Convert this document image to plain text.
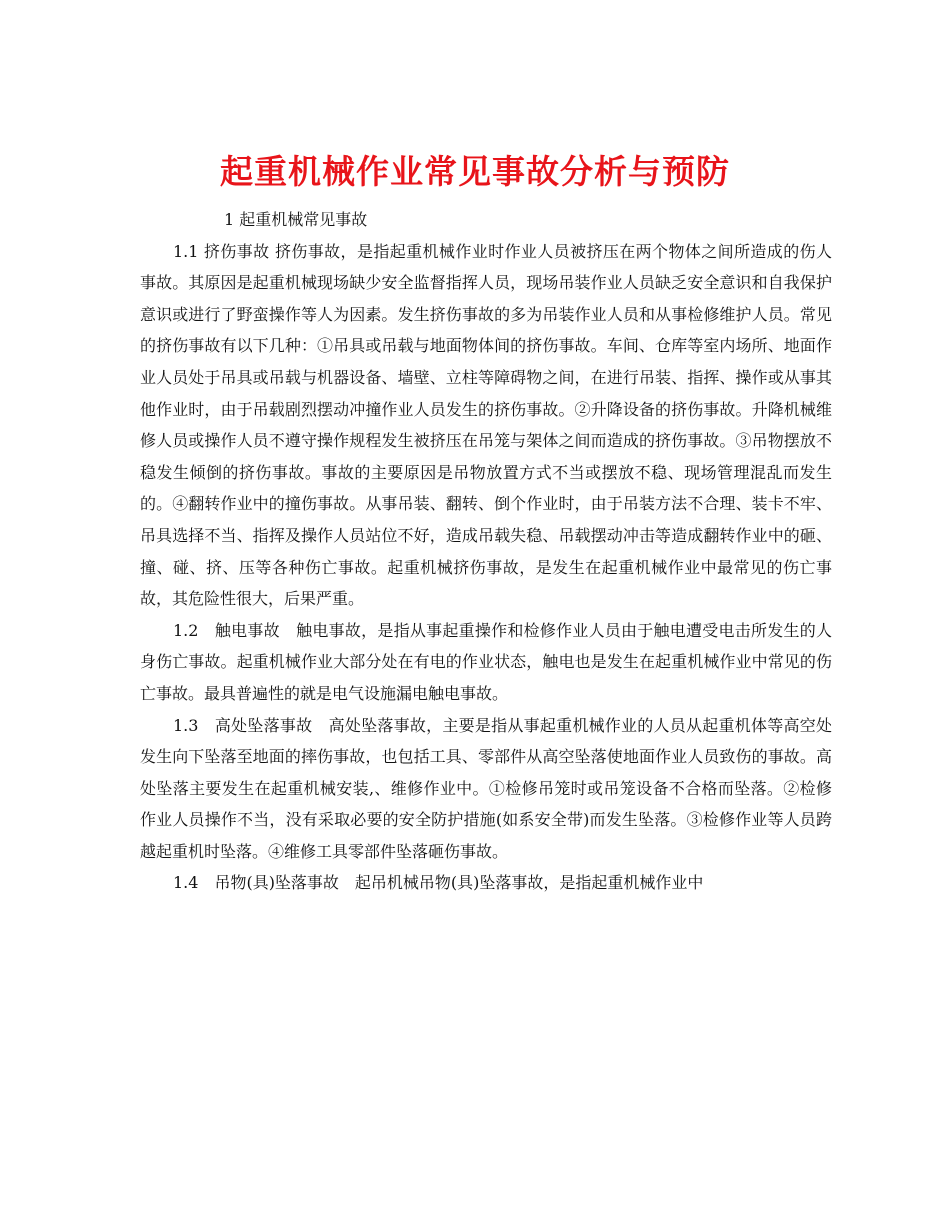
起重机械作业常见事故分析与预防

1 起重机械常见事故

1.1 挤伤事故 挤伤事故，是指起重机械作业时作业人员被挤压在两个物体之间所造成的伤人事故。其原因是起重机械现场缺少安全监督指挥人员，现场吊装作业人员缺乏安全意识和自我保护意识或进行了野蛮操作等人为因素。发生挤伤事故的多为吊装作业人员和从事检修维护人员。常见的挤伤事故有以下几种：①吊具或吊载与地面物体间的挤伤事故。车间、仓库等室内场所、地面作业人员处于吊具或吊载与机器设备、墙壁、立柱等障碍物之间，在进行吊装、指挥、操作或从事其他作业时，由于吊载剧烈摆动冲撞作业人员发生的挤伤事故。②升降设备的挤伤事故。升降机械维修人员或操作人员不遵守操作规程发生被挤压在吊笼与架体之间而造成的挤伤事故。③吊物摆放不稳发生倾倒的挤伤事故。事故的主要原因是吊物放置方式不当或摆放不稳、现场管理混乱而发生的。④翻转作业中的撞伤事故。从事吊装、翻转、倒个作业时，由于吊装方法不合理、装卡不牢、吊具选择不当、指挥及操作人员站位不好，造成吊载失稳、吊载摆动冲击等造成翻转作业中的砸、撞、碰、挤、压等各种伤亡事故。起重机械挤伤事故，是发生在起重机械作业中最常见的伤亡事故，其危险性很大，后果严重。

1.2　触电事故　触电事故，是指从事起重操作和检修作业人员由于触电遭受电击所发生的人身伤亡事故。起重机械作业大部分处在有电的作业状态，触电也是发生在起重机械作业中常见的伤亡事故。最具普遍性的就是电气设施漏电触电事故。

1.3　高处坠落事故　高处坠落事故，主要是指从事起重机械作业的人员从起重机体等高空处发生向下坠落至地面的摔伤事故，也包括工具、零部件从高空坠落使地面作业人员致伤的事故。高处坠落主要发生在起重机械安装,、维修作业中。①检修吊笼时或吊笼设备不合格而坠落。②检修作业人员操作不当，没有采取必要的安全防护措施(如系安全带)而发生坠落。③检修作业等人员跨越起重机时坠落。④维修工具零部件坠落砸伤事故。

1.4　吊物(具)坠落事故　起吊机械吊物(具)坠落事故，是指起重机械作业中
